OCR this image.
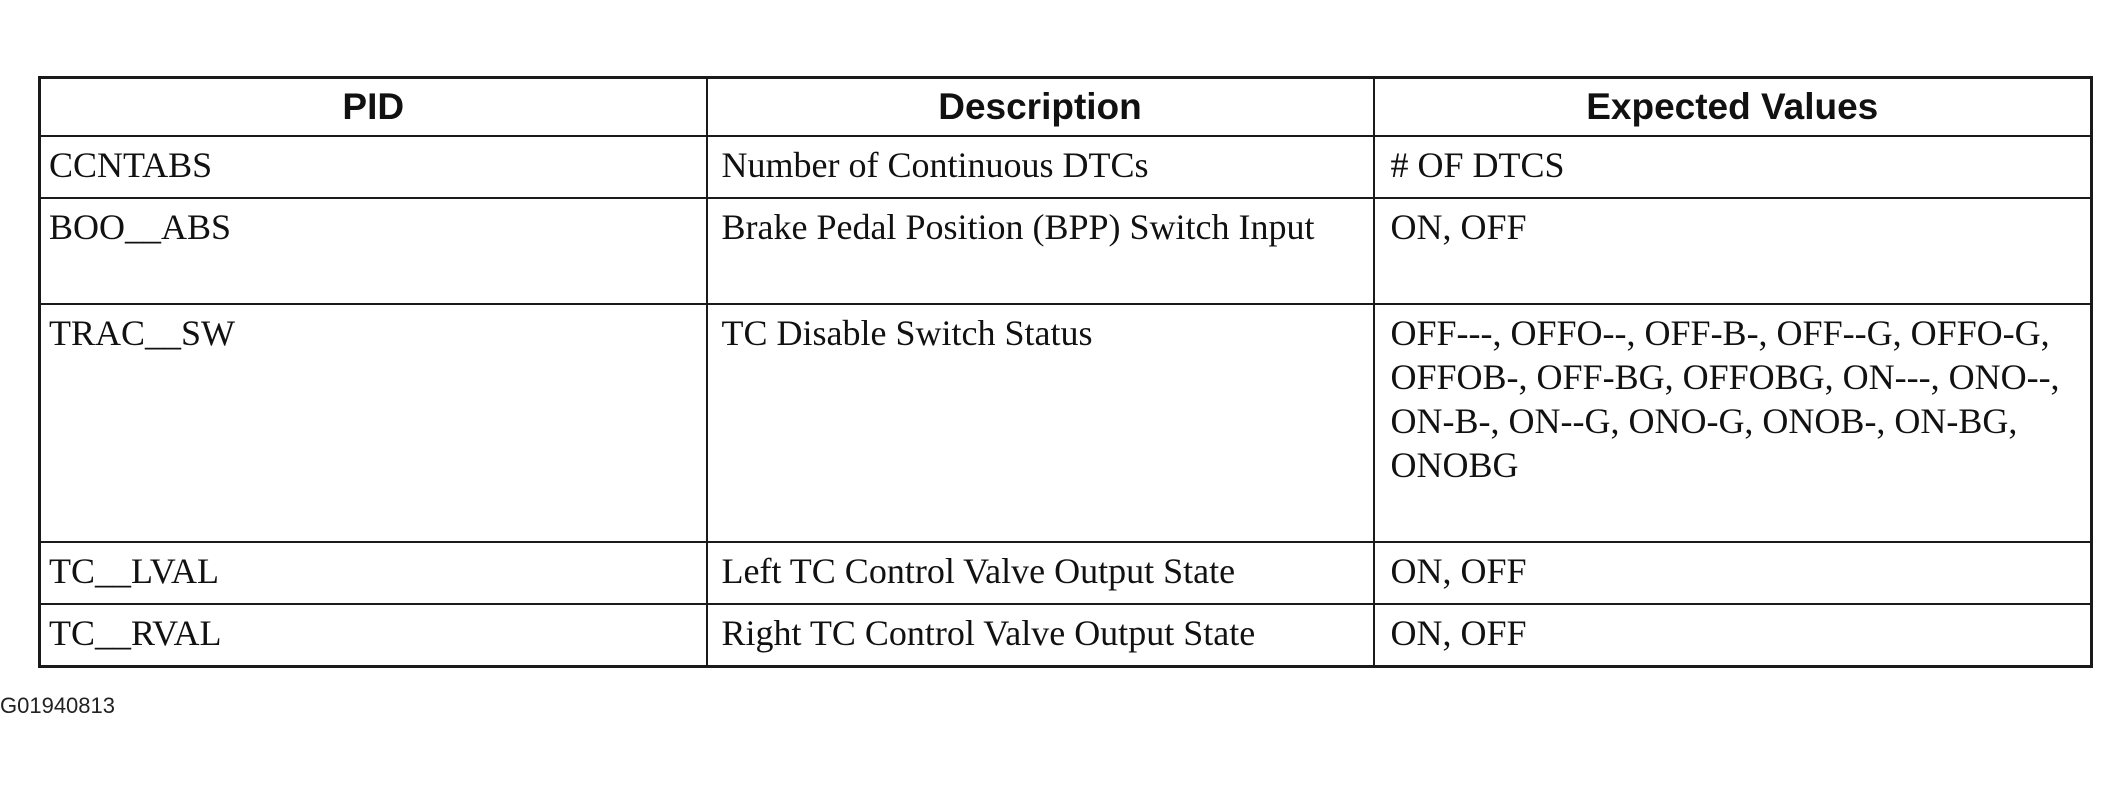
PID	Description	Expected Values
CCNTABS	Number of Continuous DTCs	# OF DTCS
BOO__ABS	Brake Pedal Position (BPP) Switch Input	ON, OFF
TRAC__SW	TC Disable Switch Status	OFF---, OFFO--, OFF-B-, OFF--G, OFFO-G, OFFOB-, OFF-BG, OFFOBG, ON---, ONO--, ON-B-, ON--G, ONO-G, ONOB-, ON-BG, ONOBG
TC__LVAL	Left TC Control Valve Output State	ON, OFF
TC__RVAL	Right TC Control Valve Output State	ON, OFF
G01940813
